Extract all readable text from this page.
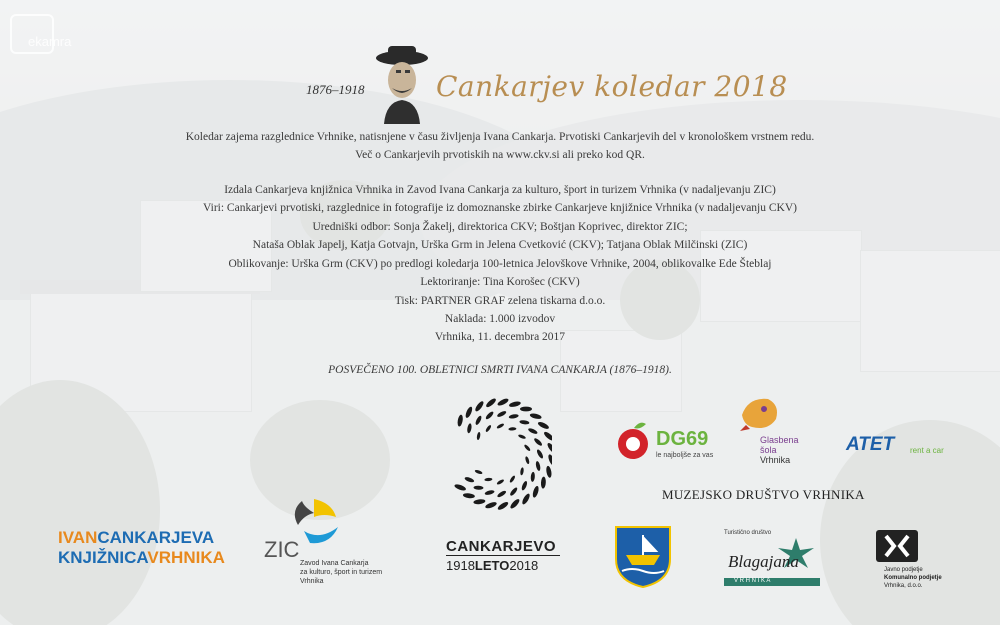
ekamra
1876–1918	Cankarjev koledar 2018
Koledar zajema razglednice Vrhnike, natisnjene v času življenja Ivana Cankarja. Prvotiski Cankarjevih del v kronološkem vrstnem redu.
Več o Cankarjevih prvotiskih na www.ckv.si ali preko kod QR.
Izdala Cankarjeva knjižnica Vrhnika in Zavod Ivana Cankarja za kulturo, šport in turizem Vrhnika (v nadaljevanju ZIC)
Viri: Cankarjevi prvotiski, razglednice in fotografije iz domoznanske zbirke Cankarjeve knjižnice Vrhnika (v nadaljevanju CKV)
Uredniški odbor: Sonja Žakelj, direktorica CKV; Boštjan Koprivec, direktor ZIC;
Nataša Oblak Japelj, Katja Gotvajn, Urška Grm in Jelena Cvetković (CKV); Tatjana Oblak Milčinski (ZIC)
Oblikovanje: Urška Grm (CKV) po predlogi koledarja 100-letnica Jelovškove Vrhnike, 2004, oblikovalke Ede Šteblaj
Lektoriranje: Tina Korošec (CKV)
Tisk: PARTNER GRAF zelena tiskarna d.o.o.
Naklada: 1.000 izvodov
Vrhnika, 11. decembra 2017
POSVEČENO 100. OBLETNICI SMRTI IVANA CANKARJA (1876–1918).
DG69
le najboljše za vas
Glasbena
šola
Vrhnika
ATET rent a car
MUZEJSKO DRUŠTVO VRHNIKA
IVANCANKARJEVA
KNJIŽNICAVRHNIKA	ZIC
Zavod Ivana Cankarja
za kulturo, šport in turizem
Vrhnika
CANKARJEVO
1918LETO2018
Turistično društvo
Blagajana
V R H N I K A
Javno podjetje
Komunalno podjetje
Vrhnika, d.o.o.
